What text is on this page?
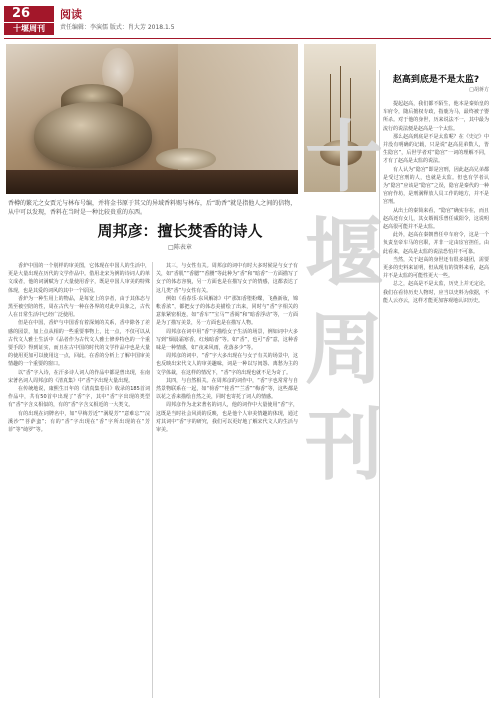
26
十堰周刊
阅读
责任编辑：李演儒 版式：肖大芳 2018.1.5
十堰周刊
香樽的繁元之女贾元与林布号编，并将金书原于其父的异域香料赐与林布，后“助香”就是指他人之间的信物，从中可以发现，香料在当时是一种比较贵重的东西。
周邦彦：擅长焚香的诗人
□陈表章

香炉中国的一个别样的审美图，它体现在中国人的生活中，更是大量出现在历代的文学作品中。借用北宋为例的诗词人的单文成者，他的词满赋为了大量使用香字，既是中国人审美的特殊体现，也是其爱的词风的其中一个原因。

香炉为一种生用上的物品，是每宽上的享者，由于其体态与黑至被空陪的性，周在古代与一种在各界的对此中具象之，古代人在日常生活中已经广泛使用。

但是在中国，香炉与中国香有着深刻的关系，香中除各了差感的园景，加上点从相的一些重要事物上，比一点，不仅可以从古代文人雅士生活中《品者作为古代文人雅士修养特色的一个重要手段》得到证实，而且在古中国的时代的文学作品中也是大量的使用更加可以使用这一点，回此，在香的分析上了解中国审美情趣的一个重要的窗口。

以“香”字入诗，在汗多诗人词人的作品中都是曾出现，在南宋著名词人周邦彦的《清真集》中“香”字出现大量出现。

在传统地说，康熙生日年的《清真集卷目》收录的185首词作品中，共有50首中出现了“香”字，其中“香”字出现的类型有“香”字含义相似的，有的“香”字含义相近的一大类文。

有的出现在词牌名中，如“早梅芳近”“满堤芳”“意难忘”“浣溪沙”“菩萨蛮”；有的“香”字出现在“香”字所出现的在“芳菲”等“绮罗”等。

其三，与女性有关。周邦彦的词中有时大多时候是与女子有关，如“香肌”“香腮”“香腰”等此种为“香”和“暗香”一方面描写了女子的体态容貌，另一方面也是在描写女子的情感，这都表达了这几类“香”与女性有关。

例如《看春乐·东风解冻》中“那知香堕粉蝶，飞燕新妆，锦帐香浓”，都把女子的体态美描绘了出来，同时与“香”字相关的意象紧密相连，如“香车”“宝马”“香阁”和“暗香浮动”等，一方面是为了描写美景，另一方面也是在描写人物。

周邦彦在词中用“香”字描绘女子生活的场景，例如词中大多写到“烟晨霜寒香，红烛暗香”等。如“香”，也可“香”意，这种香味是一种情感，如“夜来风雨，花落多少”等。

周邦彦的词中，“香”字大多出现在与女子有关的场景中，这也反映出宋代文人的审美趣味，词是一种以写闺怨、离愁为主的文学体裁，在这样的情况下，“香”字的出现也就不足为奇了。

其四，与自然相关。在周邦彦的词作中，“香”字也常常与自然景物联系在一起，如“荷香”“桂香”“兰香”“梅香”等，这些都是以花之香来描绘自然之美，同时也寄托了词人的情感。

周邦彦作为北宋著名的词人，他的词作中大量使用“香”字，这既是当时社会风尚的反映，也是他个人审美情趣的体现，通过对其词中“香”字的研究，我们可以更好地了解宋代文人的生活与审美。

赵高到底是不是太监?
□胡蒋方

提起赵高，我们都不陌生，他本是秦始皇的车府令，随后擅权专政，指鹿为马，最终被子婴所杀。对于他的身世，历来说法不一，其中最为流行的说法便是赵高是一个太监。

那么赵高到底是不是太监呢？在《史记》中并没有明确的记载，只是说“赵高昆弟数人，皆生隐宫”，后世学者对“隐宫”一词的理解不同，才有了赵高是太监的说法。

有人认为“隐宫”即是宫刑，因此赵高兄弟都是受过宫刑的人，也就是太监。但也有学者认为“隐宫”应该是“隐官”之误，隐官是秦代的一种官府作坊，是刑满释放人员工作的地方，并不是宫刑。

从出土的秦简来看，“隐官”确实存在，而且赵高还有女儿，其女婿阎乐曾任咸阳令，这说明赵高很可能并不是太监。

此外，赵高在秦朝曾任中车府令，这是一个负责皇帝车马的官职，并非一定由宦官担任。由此看来，赵高是太监的说法恐怕并不可靠。

当然，关于赵高的身世还有很多谜团，需要更多的史料来证明，但从现有的资料来看，赵高并不是太监的可能性更大一些。

总之，赵高是不是太监，历史上并无定论，我们在看待历史人物时，应当以史料为依据，不能人云亦云，这样才能更加客观地认识历史。
